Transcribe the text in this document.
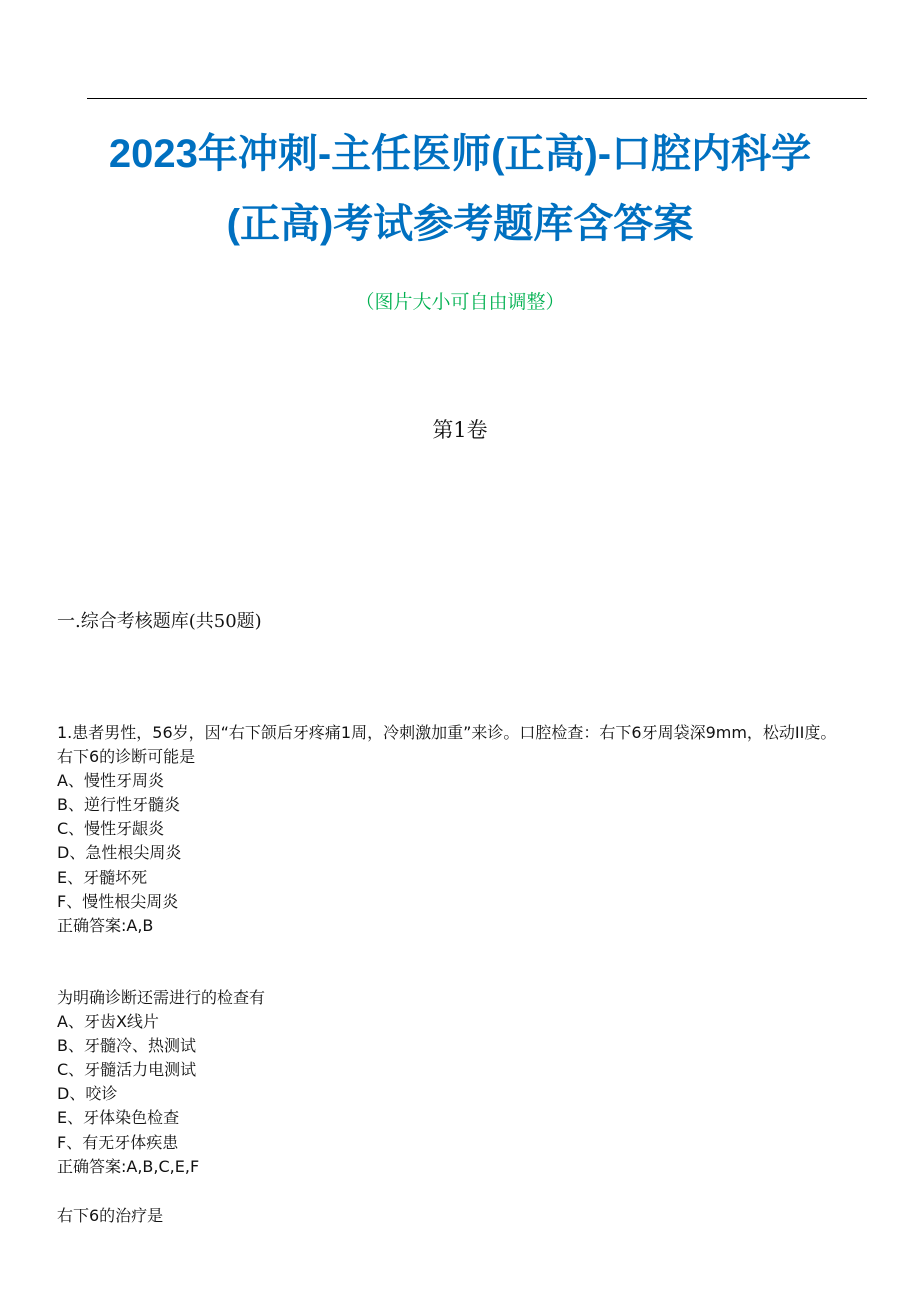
2023年冲刺-主任医师(正高)-口腔内科学
(正高)考试参考题库含答案
（图片大小可自由调整）
第1卷
一.综合考核题库(共50题)
1.患者男性，56岁，因“右下颌后牙疼痛1周，冷刺激加重”来诊。口腔检查：右下6牙周袋深9mm，松动II度。
右下6的诊断可能是
A、慢性牙周炎
B、逆行性牙髓炎
C、慢性牙龈炎
D、急性根尖周炎
E、牙髓坏死
F、慢性根尖周炎
正确答案:A,B
为明确诊断还需进行的检查有
A、牙齿X线片
B、牙髓冷、热测试
C、牙髓活力电测试
D、咬诊
E、牙体染色检查
F、有无牙体疾患
正确答案:A,B,C,E,F
右下6的治疗是
